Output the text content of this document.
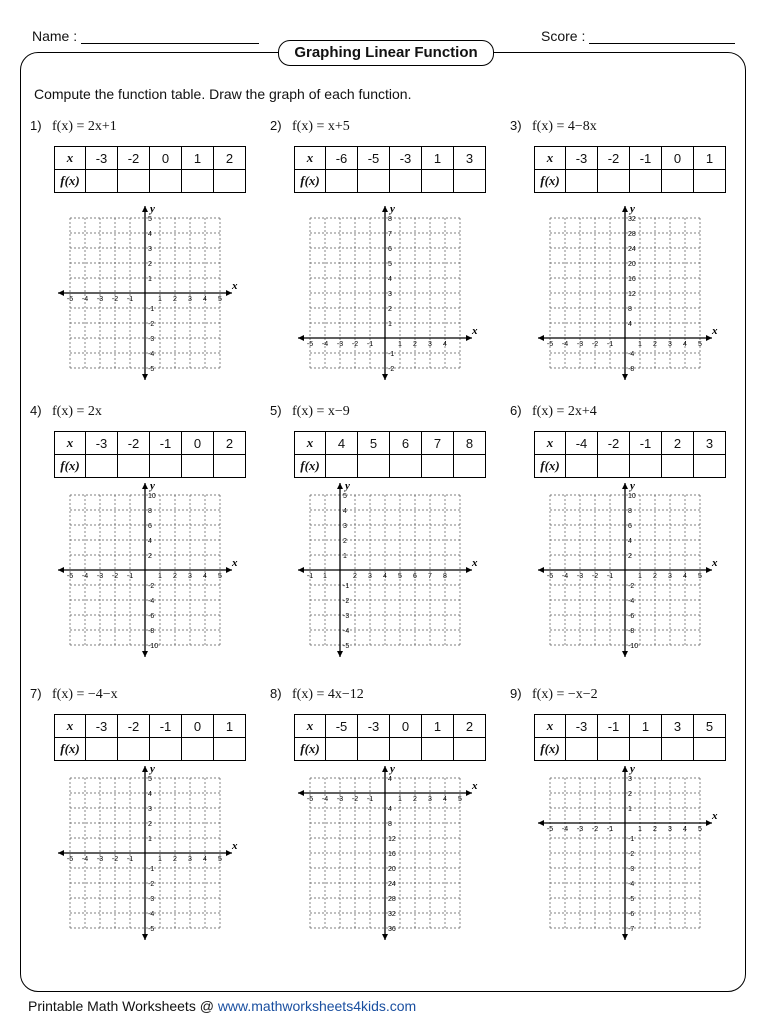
Name :	Score :
Graphing Linear Function
Compute the function table. Draw the graph of each function.
1) f(x) = 2x+1
x	-3	-2	0	1	2
f(x)					
x
y
-5 -4 -3 -2 -1	1 2 3 4 5
5
4
3
2
1
-1
-2
-3
-4
-5
2) f(x) = x+5
x	-6	-5	-3	1	3
f(x)					
x
y
-5 -4 -3 -2 -1	1 2 3 4
8
7
6
5
4
3
2
1
-1
-2
3) f(x) = 4−8x
x	-3	-2	-1	0	1
f(x)					
x
y
-5 -4 -3 -2 -1	1 2 3 4 5
32
28
24
20
16
12
8
4
-4
-8
4) f(x) = 2x
x	-3	-2	-1	0	2
f(x)					
x
y
-5 -4 -3 -2 -1	1 2 3 4 5
10
8
6
4
2
-2
-4
-6
-8
-10
5) f(x) = x−9
x	4	5	6	7	8
f(x)					
x
y
-1 1	2 3 4 5 6 7 8
5
4
3
2
1
-1
-2
-3
-4
-5
6) f(x) = 2x+4
x	-4	-2	-1	2	3
f(x)					
x
y
-5 -4 -3 -2 -1	1 2 3 4 5
10
8
6
4
2
-2
-4
-6
-8
-10
7) f(x) = −4−x
x	-3	-2	-1	0	1
f(x)					
x
y
-5 -4 -3 -2 -1	1 2 3 4 5
5
4
3
2
1
-1
-2
-3
-4
-5
8) f(x) = 4x−12
x	-5	-3	0	1	2
f(x)					
x
y
-5 -4 -3 -2 -1	1 2 3 4 5
4
4
8
12
16
20
24
28
32
36
9) f(x) = −x−2
x	-3	-1	1	3	5
f(x)					
x
y
-5 -4 -3 -2 -1	1 2 3 4 5
3
2
1
-1
-2
-3
-4
-5
-6
-7
Printable Math Worksheets @ www.mathworksheets4kids.com
